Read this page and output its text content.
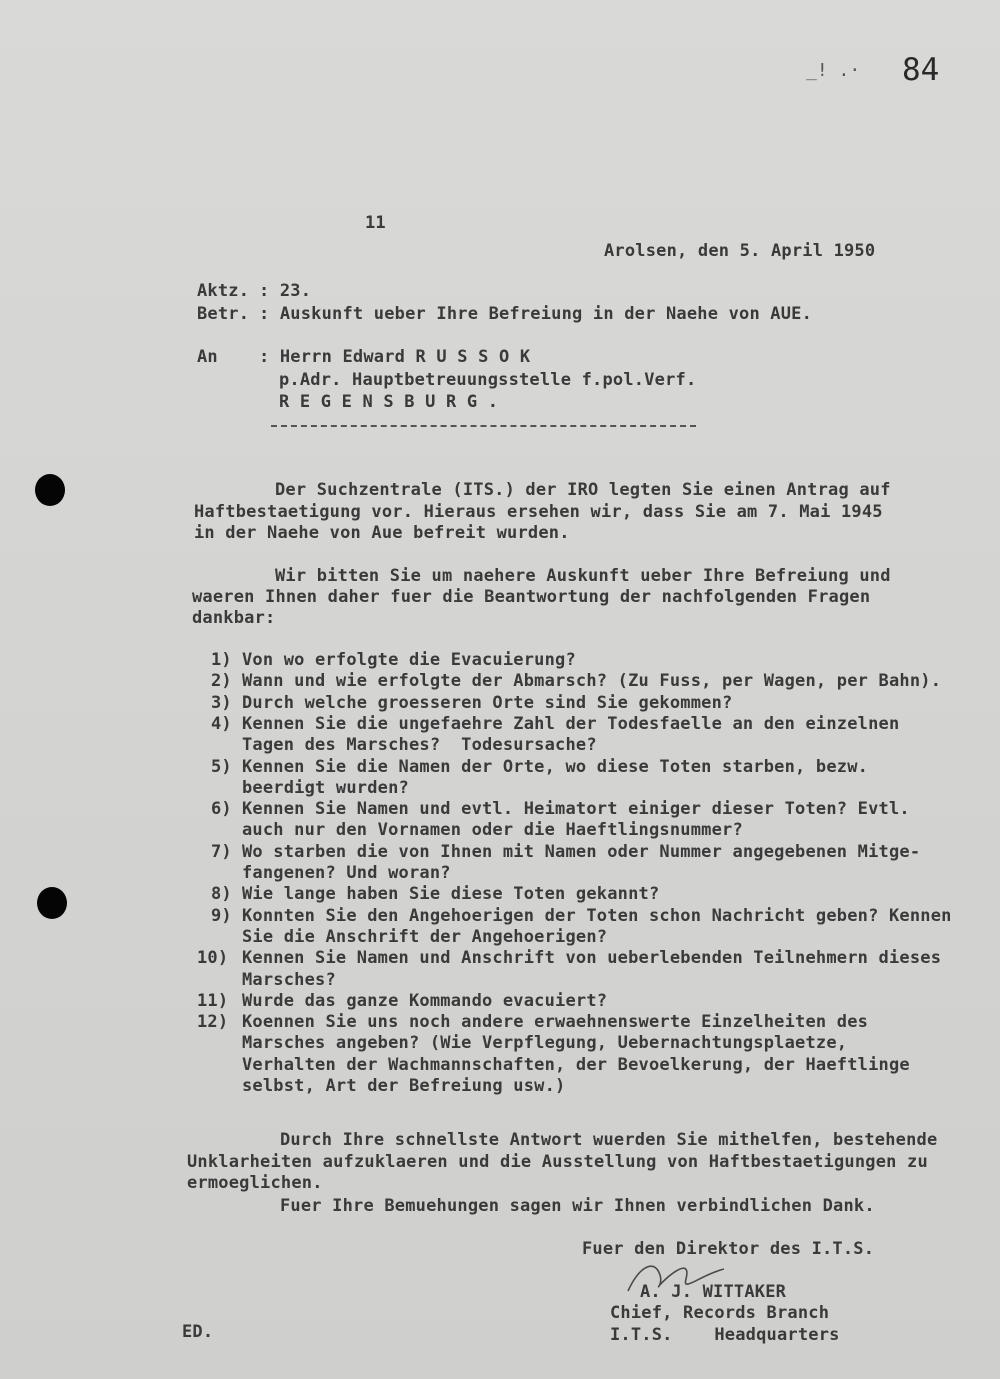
84
_! .·
11
Arolsen, den 5. April 1950
Aktz. : 23.
Betr. : Auskunft ueber Ihre Befreiung in der Naehe von AUE.
An : Herrn Edward R U S S O K
p.Adr. Hauptbetreuungsstelle f.pol.Verf.
R E G E N S B U R G .
Der Suchzentrale (ITS.) der IRO legten Sie einen Antrag auf
Haftbestaetigung vor. Hieraus ersehen wir, dass Sie am 7. Mai 1945
in der Naehe von Aue befreit wurden.
Wir bitten Sie um naehere Auskunft ueber Ihre Befreiung und
waeren Ihnen daher fuer die Beantwortung der nachfolgenden Fragen
dankbar:
1) Von wo erfolgte die Evacuierung?
2) Wann und wie erfolgte der Abmarsch? (Zu Fuss, per Wagen, per Bahn).
3) Durch welche groesseren Orte sind Sie gekommen?
4) Kennen Sie die ungefaehre Zahl der Todesfaelle an den einzelnen
Tagen des Marsches?  Todesursache?
5) Kennen Sie die Namen der Orte, wo diese Toten starben, bezw.
beerdigt wurden?
6) Kennen Sie Namen und evtl. Heimatort einiger dieser Toten? Evtl.
auch nur den Vornamen oder die Haeftlingsnummer?
7) Wo starben die von Ihnen mit Namen oder Nummer angegebenen Mitge-
fangenen? Und woran?
8) Wie lange haben Sie diese Toten gekannt?
9) Konnten Sie den Angehoerigen der Toten schon Nachricht geben? Kennen
Sie die Anschrift der Angehoerigen?
10) Kennen Sie Namen und Anschrift von ueberlebenden Teilnehmern dieses
Marsches?
11) Wurde das ganze Kommando evacuiert?
12) Koennen Sie uns noch andere erwaehnenswerte Einzelheiten des
Marsches angeben? (Wie Verpflegung, Uebernachtungsplaetze,
Verhalten der Wachmannschaften, der Bevoelkerung, der Haeftlinge
selbst, Art der Befreiung usw.)
Durch Ihre schnellste Antwort wuerden Sie mithelfen, bestehende
Unklarheiten aufzuklaeren und die Ausstellung von Haftbestaetigungen zu
ermoeglichen.
Fuer Ihre Bemuehungen sagen wir Ihnen verbindlichen Dank.
Fuer den Direktor des I.T.S.
A. J. WITTAKER
Chief, Records Branch
I.T.S.    Headquarters
ED.
